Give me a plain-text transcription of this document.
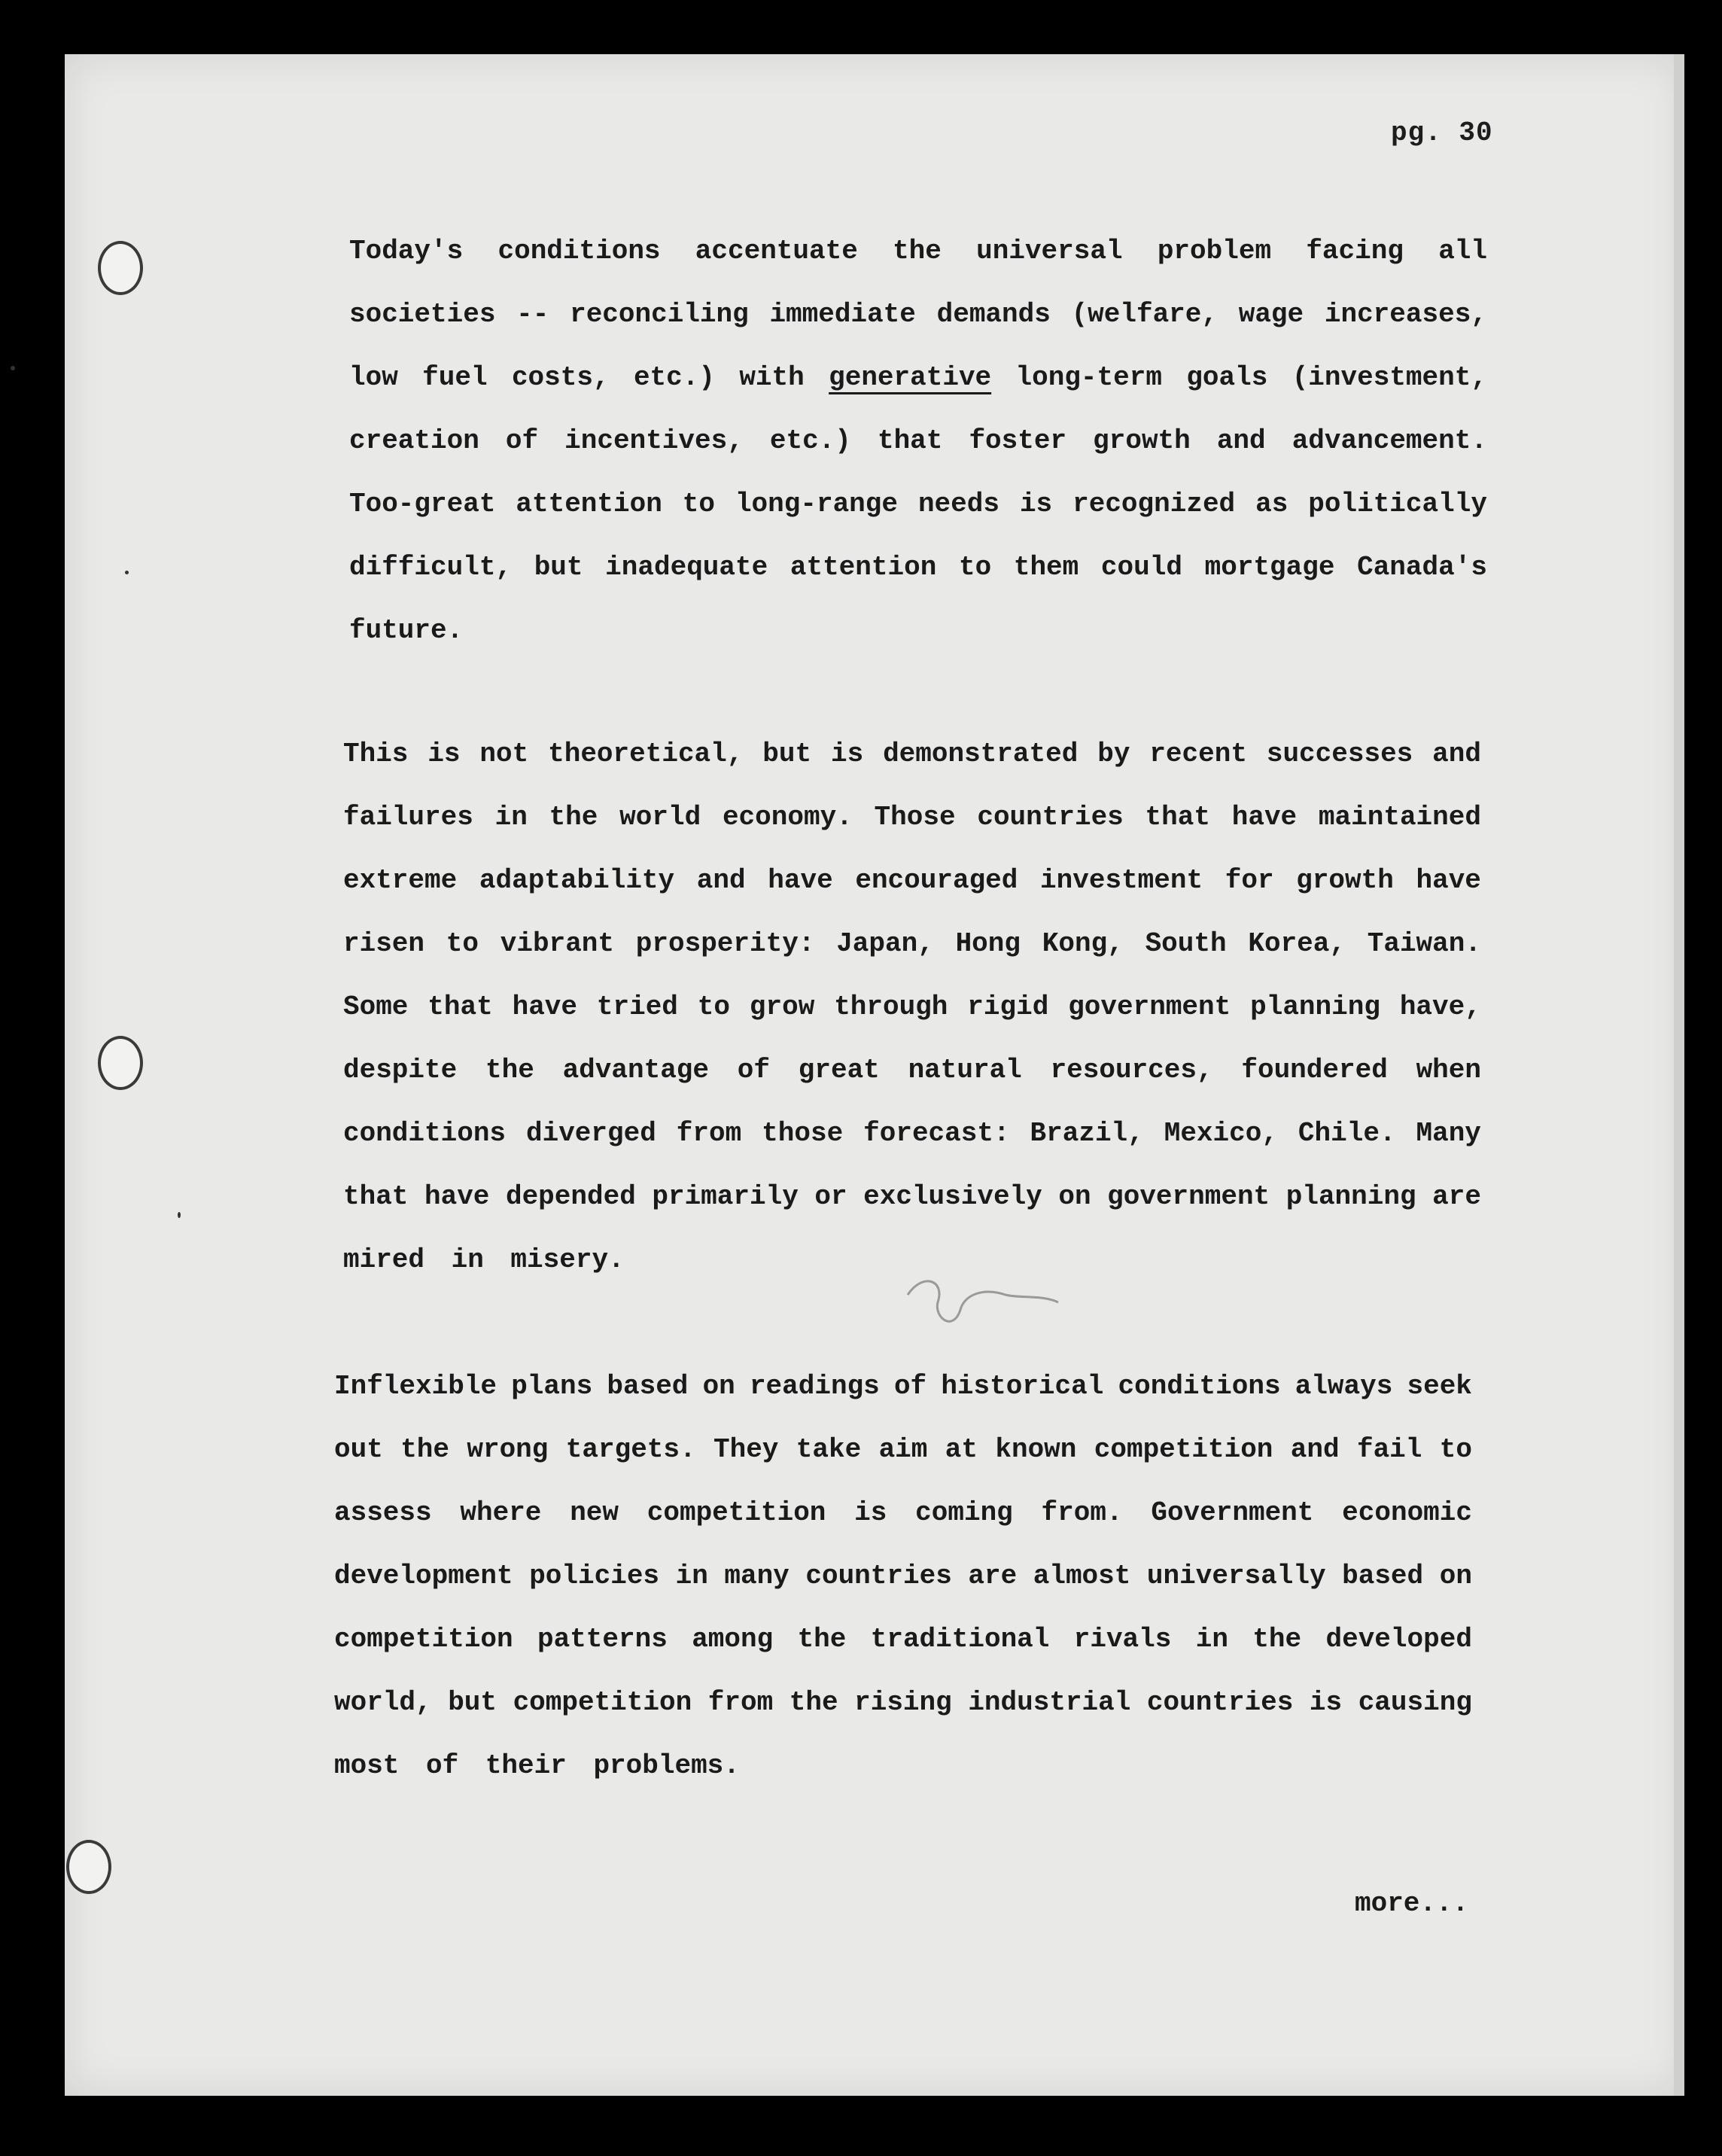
pg. 30
Today's conditions accentuate the universal problem facing all
societies -- reconciling immediate demands (welfare, wage increases,
low fuel costs, etc.) with generative long-term goals (investment,
creation of incentives, etc.) that foster growth and advancement.
Too-great attention to long-range needs is recognized as politically
difficult, but inadequate attention to them could mortgage Canada's
future.
This is not theoretical, but is demonstrated by recent successes and
failures in the world economy. Those countries that have maintained
extreme adaptability and have encouraged investment for growth have
risen to vibrant prosperity: Japan, Hong Kong, South Korea, Taiwan.
Some that have tried to grow through rigid government planning have,
despite the advantage of great natural resources, foundered when
conditions diverged from those forecast: Brazil, Mexico, Chile. Many
that have depended primarily or exclusively on government planning are
mired in misery.
Inflexible plans based on readings of historical conditions always seek
out the wrong targets. They take aim at known competition and fail to
assess where new competition is coming from. Government economic
development policies in many countries are almost universally based on
competition patterns among the traditional rivals in the developed
world, but competition from the rising industrial countries is causing
most of their problems.
more...
